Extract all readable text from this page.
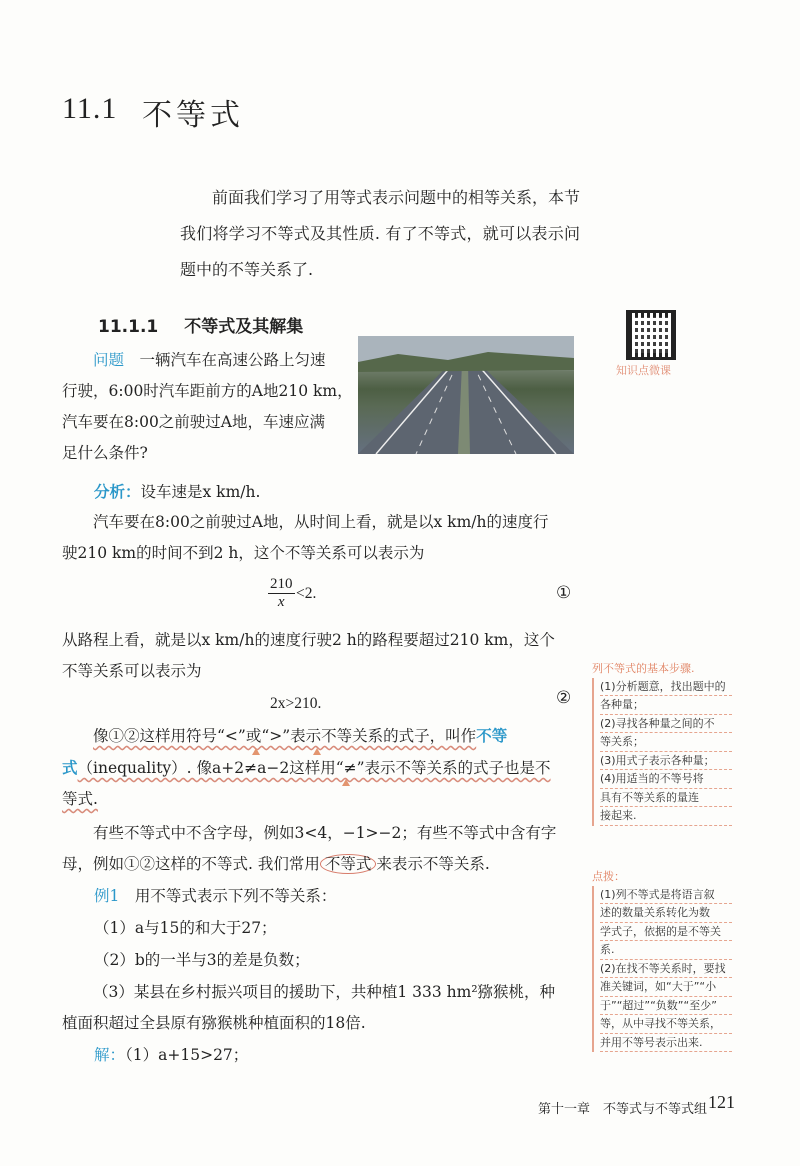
11.1 不等式
前面我们学习了用等式表示问题中的相等关系，本节我们将学习不等式及其性质. 有了不等式，就可以表示问题中的不等关系了.
11.1.1 不等式及其解集
知识点微课
问题　 一辆汽车在高速公路上匀速
行驶，6:00时汽车距前方的A地210 km，
汽车要在8:00之前驶过A地，车速应满
足什么条件?
分析：设车速是x km/h.
汽车要在8:00之前驶过A地，从时间上看，就是以x km/h的速度行
驶210 km的时间不到2 h，这个不等关系可以表示为
$\frac{210}{x} <2$.	①
从路程上看，就是以x km/h的速度行驶2 h的路程要超过210 km，这个
不等关系可以表示为
2x>210.	②
像①②这样用符号“<”或“>”表示不等关系的式子，叫作不等
式（inequality）. 像a+2≠a−2这样用“≠”表示不等关系的式子也是不
等式.
有些不等式中不含字母，例如3<4，−1>−2；有些不等式中含有字
母，例如①②这样的不等式. 我们常用 不等式 来表示不等关系.
例1　 用不等式表示下列不等关系：
（1）a与15的和大于27；
（2）b的一半与3的差是负数；
（3）某县在乡村振兴项目的援助下，共种植1 333 hm²猕猴桃，种
植面积超过全县原有猕猴桃种植面积的18倍.
解：（1）a+15>27；
列不等式的基本步骤.
(1)分析题意，找出题中的
各种量；
(2)寻找各种量之间的不
等关系；
(3)用式子表示各种量；
(4)用适当的不等号将
具有不等关系的量连
接起来.
点拨：
(1)列不等式是将语言叙
述的数量关系转化为数
学式子，依据的是不等关
系.
(2)在找不等关系时，要找
准关键词，如“大于”“小
于”“超过”“负数”“至少”
等，从中寻找不等关系，
并用不等号表示出来.
第十一章　不等式与不等式组 121
